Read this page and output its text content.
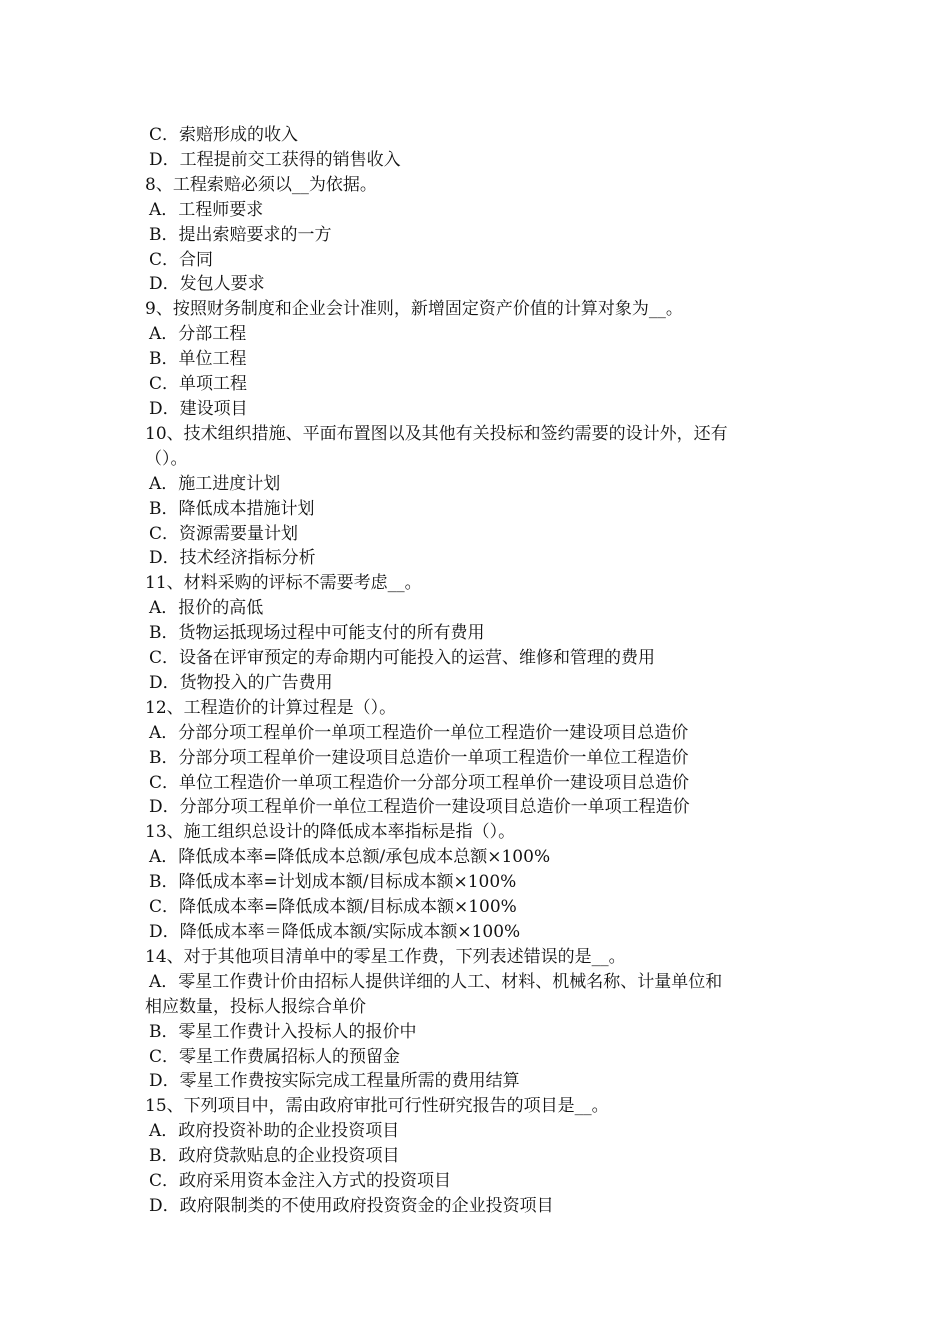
C．索赔形成的收入
D．工程提前交工获得的销售收入
8、工程索赔必须以__为依据。
A．工程师要求
B．提出索赔要求的一方
C．合同
D．发包人要求
9、按照财务制度和企业会计准则，新增固定资产价值的计算对象为__。
A．分部工程
B．单位工程
C．单项工程
D．建设项目
10、技术组织措施、平面布置图以及其他有关投标和签约需要的设计外，还有
（）。
A．施工进度计划
B．降低成本措施计划
C．资源需要量计划
D．技术经济指标分析
11、材料采购的评标不需要考虑__。
A．报价的高低
B．货物运抵现场过程中可能支付的所有费用
C．设备在评审预定的寿命期内可能投入的运营、维修和管理的费用
D．货物投入的广告费用
12、工程造价的计算过程是（）。
A．分部分项工程单价一单项工程造价一单位工程造价一建设项目总造价
B．分部分项工程单价一建设项目总造价一单项工程造价一单位工程造价
C．单位工程造价一单项工程造价一分部分项工程单价一建设项目总造价
D．分部分项工程单价一单位工程造价一建设项目总造价一单项工程造价
13、施工组织总设计的降低成本率指标是指（）。
A．降低成本率=降低成本总额/承包成本总额×100%
B．降低成本率=计划成本额/目标成本额×100%
C．降低成本率=降低成本额/目标成本额×100%
D．降低成本率＝降低成本额/实际成本额×100%
14、对于其他项目清单中的零星工作费，下列表述错误的是__。
A．零星工作费计价由招标人提供详细的人工、材料、机械名称、计量单位和
相应数量，投标人报综合单价
B．零星工作费计入投标人的报价中
C．零星工作费属招标人的预留金
D．零星工作费按实际完成工程量所需的费用结算
15、下列项目中，需由政府审批可行性研究报告的项目是__。
A．政府投资补助的企业投资项目
B．政府贷款贴息的企业投资项目
C．政府采用资本金注入方式的投资项目
D．政府限制类的不使用政府投资资金的企业投资项目
